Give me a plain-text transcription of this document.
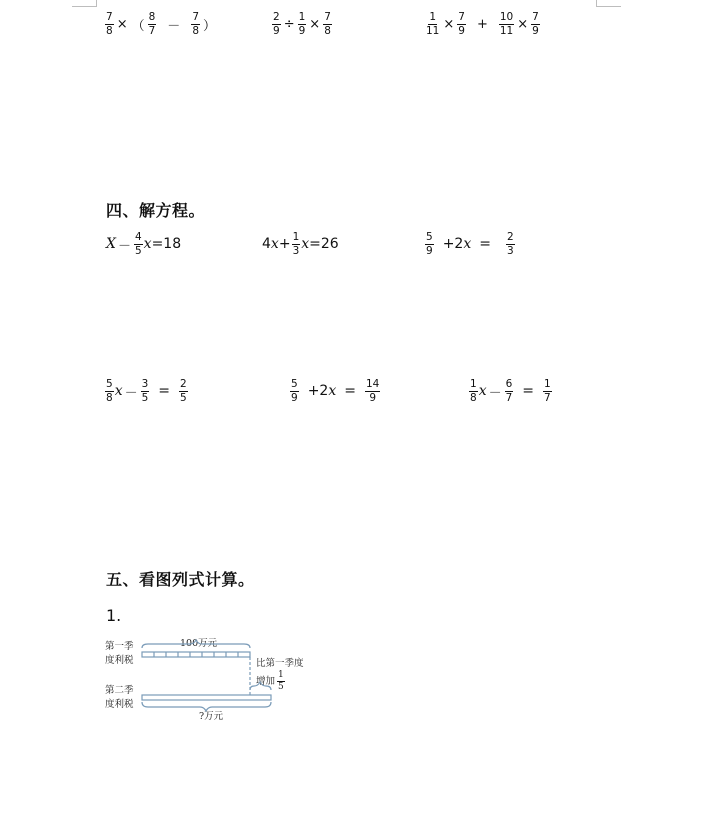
$\frac{7}{8}$ × （ $\frac{8}{7} - \frac{7}{8}$ ）	$\frac{2}{9} \div \frac{1}{9} \times \frac{7}{8}$	$\frac{1}{11} \times \frac{7}{9} + \frac{10}{11} \times \frac{7}{9}$
四、解方程。
$X - \frac{4}{5}$ x =18	4 $x + \frac{1}{3}$ x =26	$\frac{5}{9} +2$ $x = \frac{2}{3}$
$\frac{5}{8}$ $x - \frac{3}{5} = \frac{2}{5}$	$\frac{5}{9} +2$ $x = \frac{14}{9}$	$\frac{1}{8}$ $x - \frac{6}{7} = \frac{1}{7}$
五、看图列式计算。
1.
第一季
度利税
第二季
度利税
100万元
?万元
比第一季度
增加 $\frac{1}{5}$
